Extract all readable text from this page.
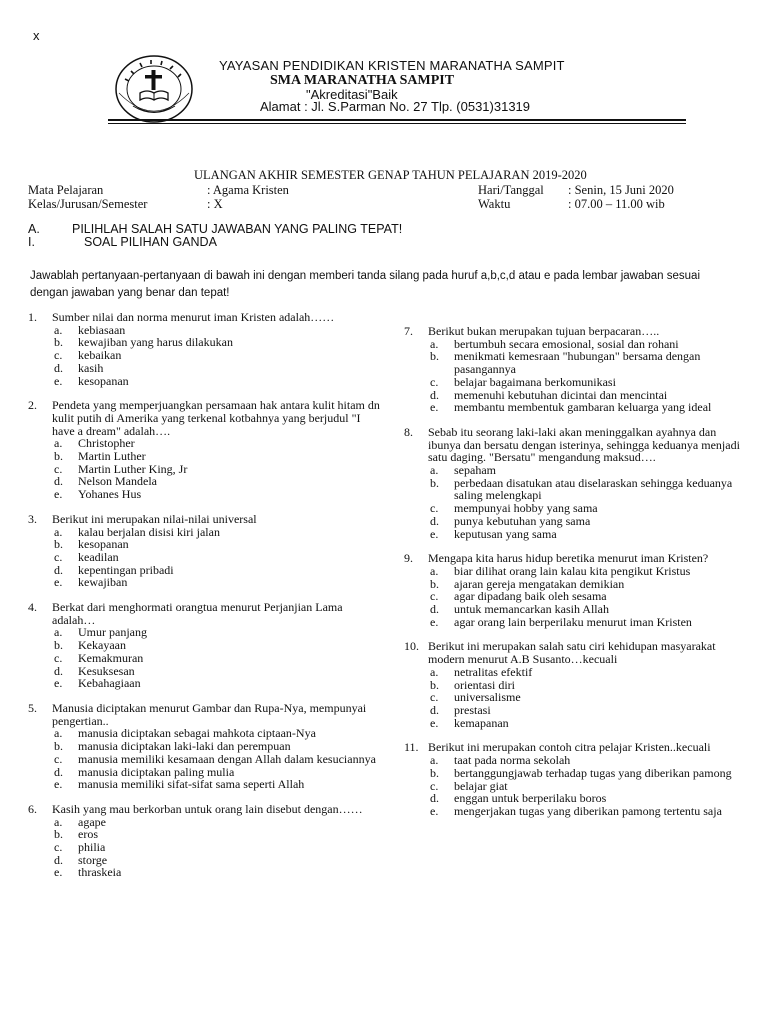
x
YAYASAN PENDIDIKAN KRISTEN MARANATHA SAMPIT
SMA MARANATHA SAMPIT
"Akreditasi"Baik
Alamat : Jl. S.Parman No. 27 Tlp. (0531)31319
ULANGAN AKHIR SEMESTER GENAP TAHUN PELAJARAN 2019-2020
Mata Pelajaran	: Agama Kristen	Hari/Tanggal : Senin, 15 Juni 2020
Kelas/Jurusan/Semester	: X	Waktu	: 07.00 – 11.00 wib
A.	PILIHLAH SALAH SATU JAWABAN YANG PALING TEPAT!
I.	SOAL PILIHAN GANDA
Jawablah pertanyaan-pertanyaan di bawah ini dengan memberi tanda silang pada huruf a,b,c,d atau e pada lembar jawaban sesuai dengan jawaban yang benar dan tepat!
1. Sumber nilai dan norma menurut iman Kristen adalah……
a. kebiasaan
b. kewajiban yang harus dilakukan
c. kebaikan
d. kasih
e. kesopanan
2. Pendeta yang memperjuangkan persamaan hak antara kulit hitam dn kulit putih di Amerika yang terkenal kotbahnya yang berjudul "I have a dream" adalah….
a. Christopher
b. Martin Luther
c. Martin Luther King, Jr
d. Nelson Mandela
e. Yohanes Hus
3. Berikut ini merupakan nilai-nilai universal
a. kalau berjalan disisi kiri jalan
b. kesopanan
c. keadilan
d. kepentingan pribadi
e. kewajiban
4. Berkat dari menghormati orangtua menurut Perjanjian Lama adalah…
a. Umur panjang
b. Kekayaan
c. Kemakmuran
d. Kesuksesan
e. Kebahagiaan
5. Manusia diciptakan menurut Gambar dan Rupa-Nya, mempunyai pengertian..
a. manusia diciptakan sebagai mahkota ciptaan-Nya
b. manusia diciptakan laki-laki dan perempuan
c. manusia memiliki kesamaan dengan Allah dalam kesuciannya
d. manusia diciptakan paling mulia
e. manusia memiliki sifat-sifat sama seperti Allah
6. Kasih yang mau berkorban untuk orang lain disebut dengan……
a. agape
b. eros
c. philia
d. storge
e. thraskeia
7. Berikut bukan merupakan tujuan berpacaran…..
a. bertumbuh secara emosional, sosial dan rohani
b. menikmati kemesraan "hubungan" bersama dengan pasangannya
c. belajar bagaimana berkomunikasi
d. memenuhi kebutuhan dicintai dan mencintai
e. membantu membentuk gambaran keluarga yang ideal
8. Sebab itu seorang laki-laki akan meninggalkan ayahnya dan ibunya dan bersatu dengan isterinya, sehingga keduanya menjadi satu daging. "Bersatu" mengandung maksud….
a. sepaham
b. perbedaan disatukan atau diselaraskan sehingga keduanya saling melengkapi
c. mempunyai hobby yang sama
d. punya kebutuhan yang sama
e. keputusan yang sama
9. Mengapa kita harus hidup beretika menurut iman Kristen?
a. biar dilihat orang lain kalau kita pengikut Kristus
b. ajaran gereja mengatakan demikian
c. agar dipadang baik oleh sesama
d. untuk memancarkan kasih Allah
e. agar orang lain berperilaku menurut iman Kristen
10. Berikut ini merupakan salah satu ciri kehidupan masyarakat modern menurut A.B Susanto…kecuali
a. netralitas efektif
b. orientasi diri
c. universalisme
d. prestasi
e. kemapanan
11. Berikut ini merupakan contoh citra pelajar Kristen..kecuali
a. taat pada norma sekolah
b. bertanggungjawab terhadap tugas yang diberikan pamong
c. belajar giat
d. enggan untuk berperilaku boros
e. mengerjakan tugas yang diberikan pamong tertentu saja
